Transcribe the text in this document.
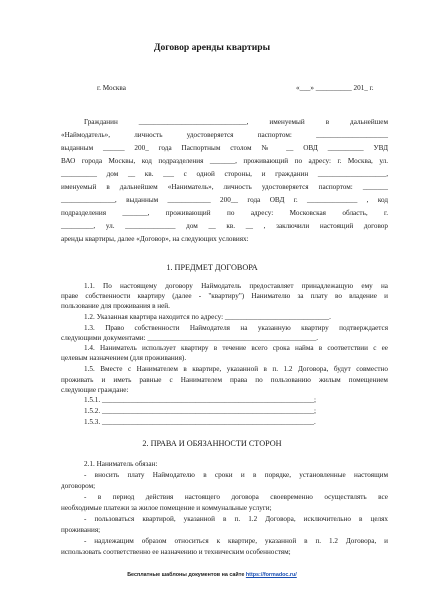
Договор аренды квартиры
г. Москва	«___» __________ 201_ г.
Гражданин ______________________________, именуемый в дальнейшем
«Наймодатель», личность удостоверяется паспортом: ____________________
выданным ______ 200_ года Паспортным столом № __ ОВД __________ УВД
ВАО города Москвы, код подразделения _______, проживающий по адресу: г. Москва, ул.
__________ дом __ кв. ___ с одной стороны, и гражданин ___________________,
именуемый в дальнейшем «Наниматель», личность удостоверяется паспортом: _______
_______________, выданным ____________ 200__ года ОВД г. ______________ , код
подразделения _______, проживающий по адресу: Московская область, г.
_________, ул. ______________ дом __ кв. __ , заключили настоящий договор
аренды квартиры, далее «Договор», на следующих условиях:
1. ПРЕДМЕТ ДОГОВОРА
1.1. По настоящему договору Наймодатель предоставляет принадлежащую ему на
праве собственности квартиру (далее - "квартиру") Нанимателю за плату во владение и
пользование для проживания в ней.
1.2. Указанная квартира находится по адресу: _____________________________.
1.3. Право собственности Наймодателя на указанную квартиру подтверждается
следующими документами: _______________________________________________.
1.4. Наниматель использует квартиру в течение всего срока найма в соответствии с ее
целевым назначением (для проживания).
1.5. Вместе с Нанимателем в квартире, указанной в п. 1.2 Договора, будут совместно
проживать и иметь равные с Нанимателем права по пользованию жилым помещением
следующие граждане:
1.5.1. ___________________________________________________________;
1.5.2. ___________________________________________________________;
1.5.3. ___________________________________________________________.
2. ПРАВА И ОБЯЗАННОСТИ СТОРОН
2.1. Наниматель обязан:
- вносить плату Наймодателю в сроки и в порядке, установленные настоящим
договором;
- в период действия настоящего договора своевременно осуществлять все
необходимые платежи за жилое помещение и коммунальные услуги;
- пользоваться квартирой, указанной в п. 1.2 Договора, исключительно в целях
проживания;
- надлежащим образом относиться к квартире, указанной в п. 1.2 Договора, и
использовать соответственно ее назначению и техническим особенностям;
Бесплатные шаблоны документов на сайте https://formadoc.ru/
